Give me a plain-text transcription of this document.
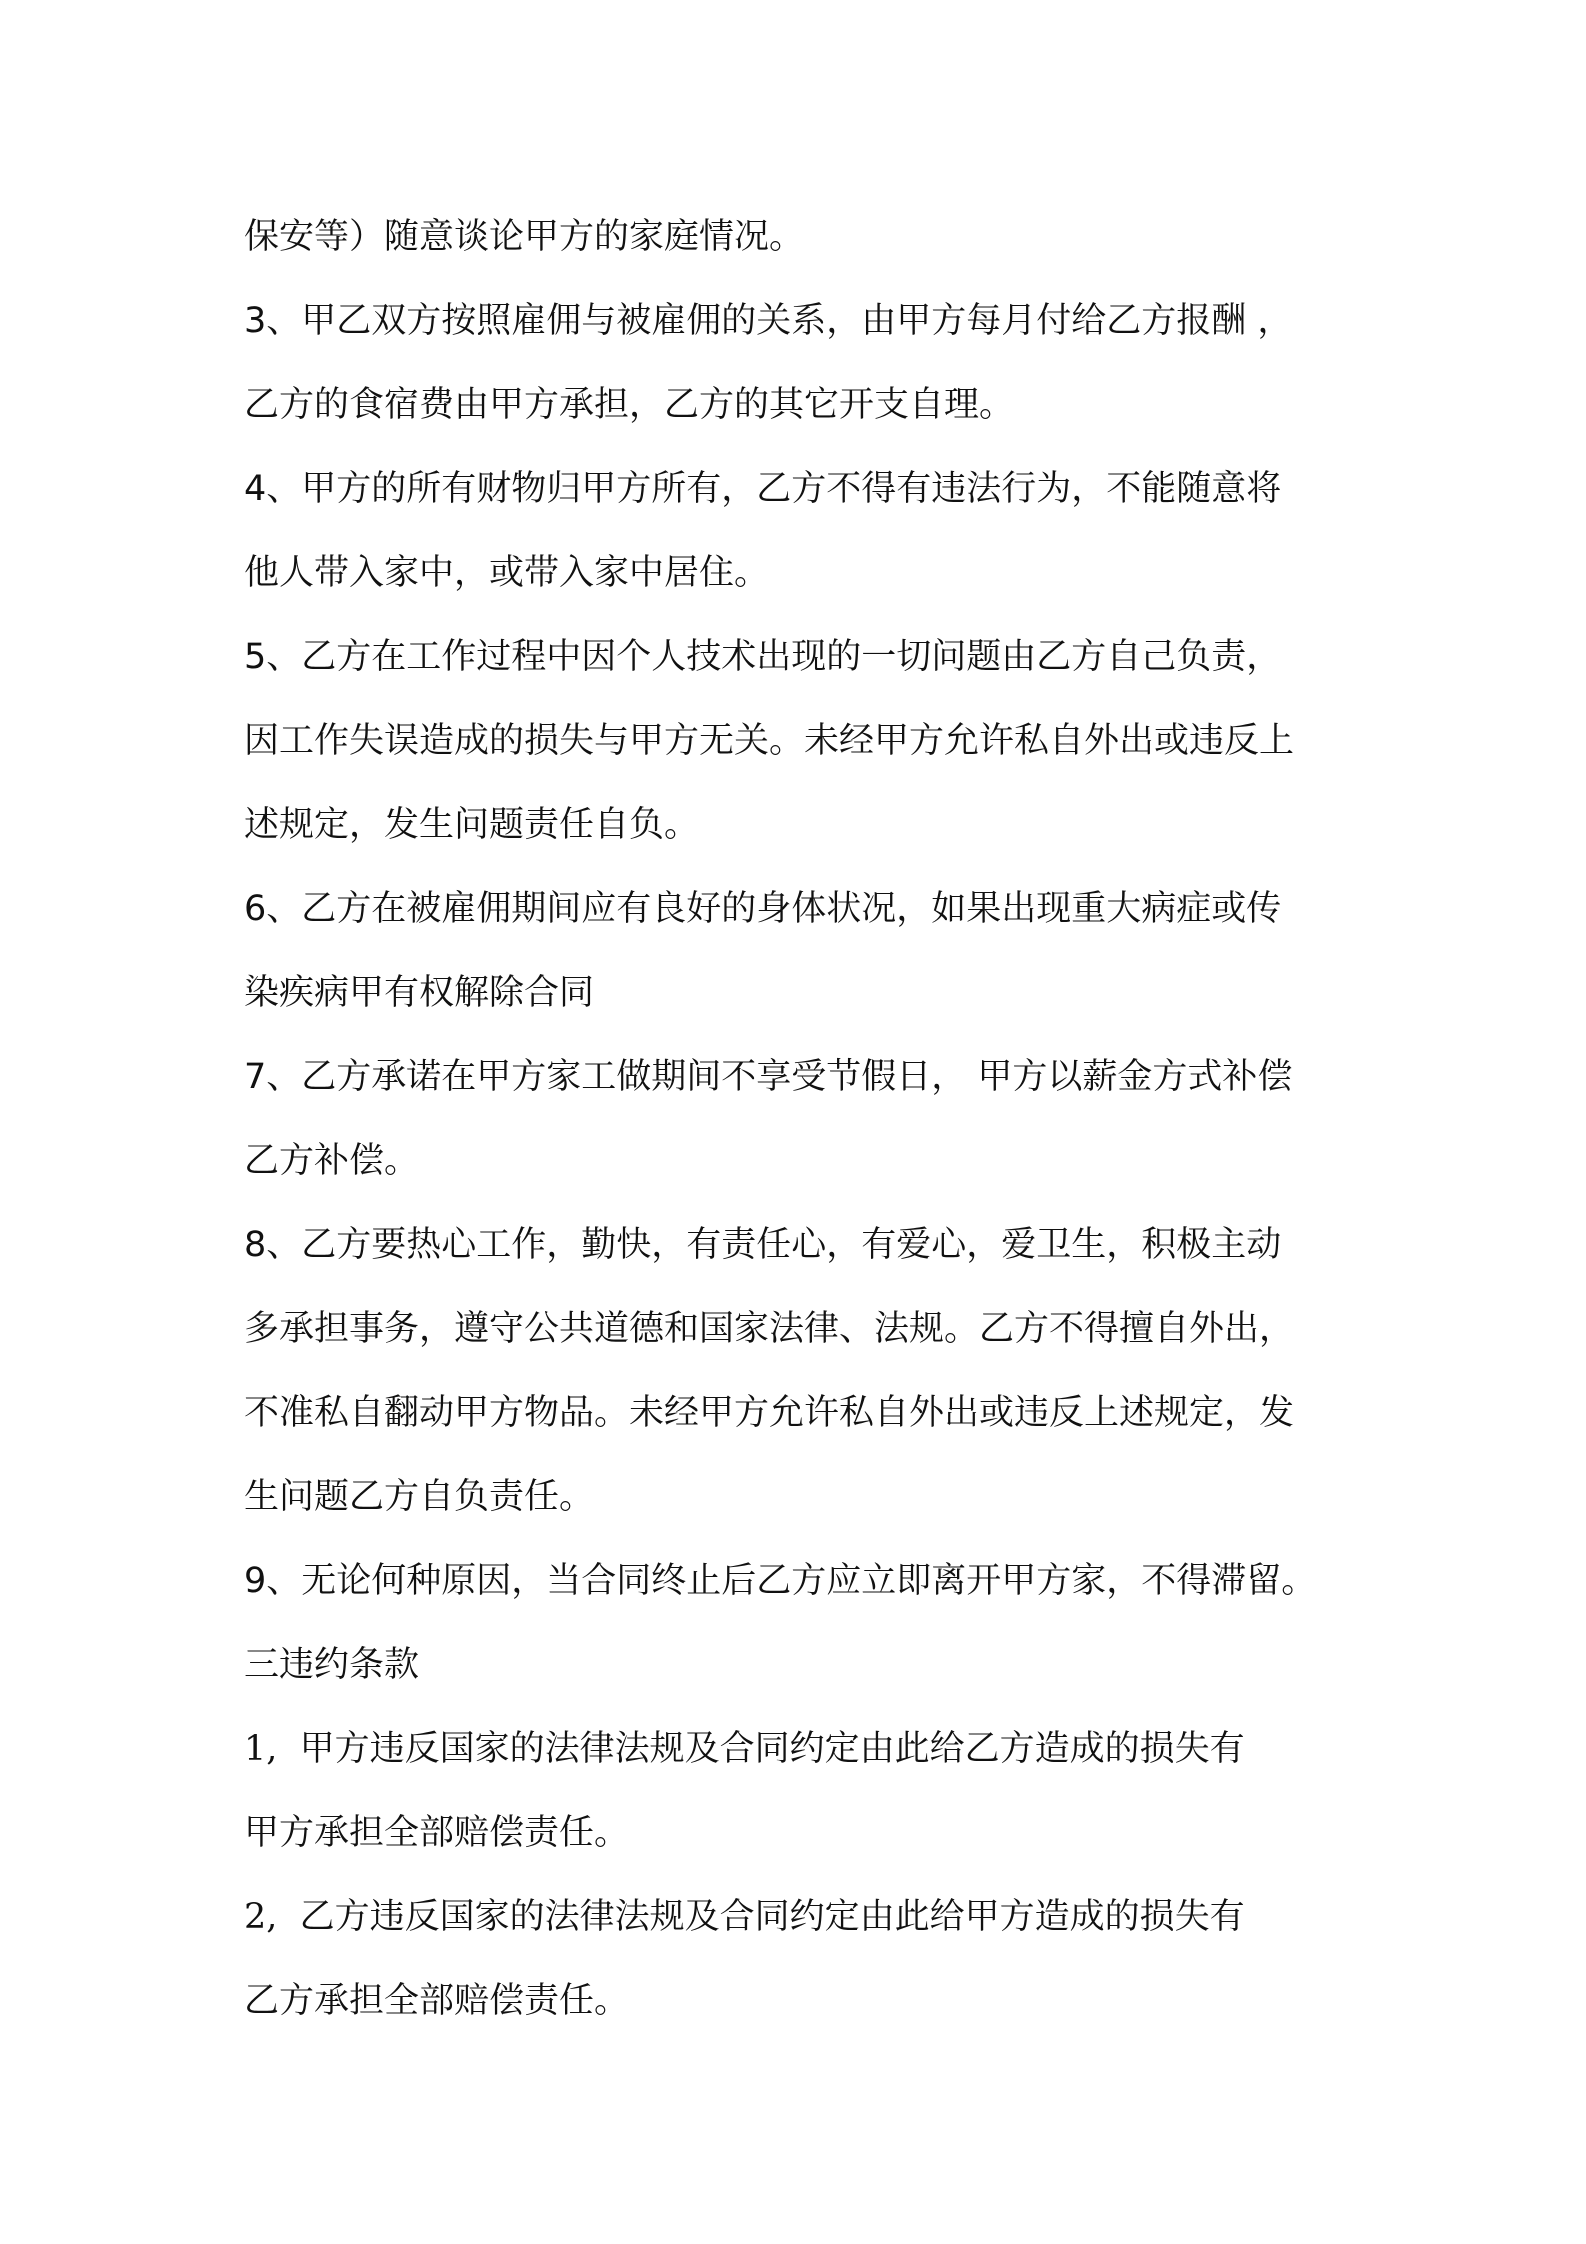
保安等）随意谈论甲方的家庭情况。
3、甲乙双方按照雇佣与被雇佣的关系，由甲方每月付给乙方报酬 ，
乙方的食宿费由甲方承担，乙方的其它开支自理。
4、甲方的所有财物归甲方所有，乙方不得有违法行为，不能随意将
他人带入家中，或带入家中居住。
5、乙方在工作过程中因个人技术出现的一切问题由乙方自己负责，
因工作失误造成的损失与甲方无关。未经甲方允许私自外出或违反上
述规定，发生问题责任自负。
6、乙方在被雇佣期间应有良好的身体状况，如果出现重大病症或传
染疾病甲有权解除合同
7、乙方承诺在甲方家工做期间不享受节假日， 甲方以薪金方式补偿
乙方补偿。
8、乙方要热心工作，勤快，有责任心，有爱心，爱卫生，积极主动
多承担事务，遵守公共道德和国家法律、法规。乙方不得擅自外出，
不准私自翻动甲方物品。未经甲方允许私自外出或违反上述规定，发
生问题乙方自负责任。
9、无论何种原因，当合同终止后乙方应立即离开甲方家，不得滞留。
三违约条款
1,  甲方违反国家的法律法规及合同约定由此给乙方造成的损失有
甲方承担全部赔偿责任。
2,  乙方违反国家的法律法规及合同约定由此给甲方造成的损失有
乙方承担全部赔偿责任。
